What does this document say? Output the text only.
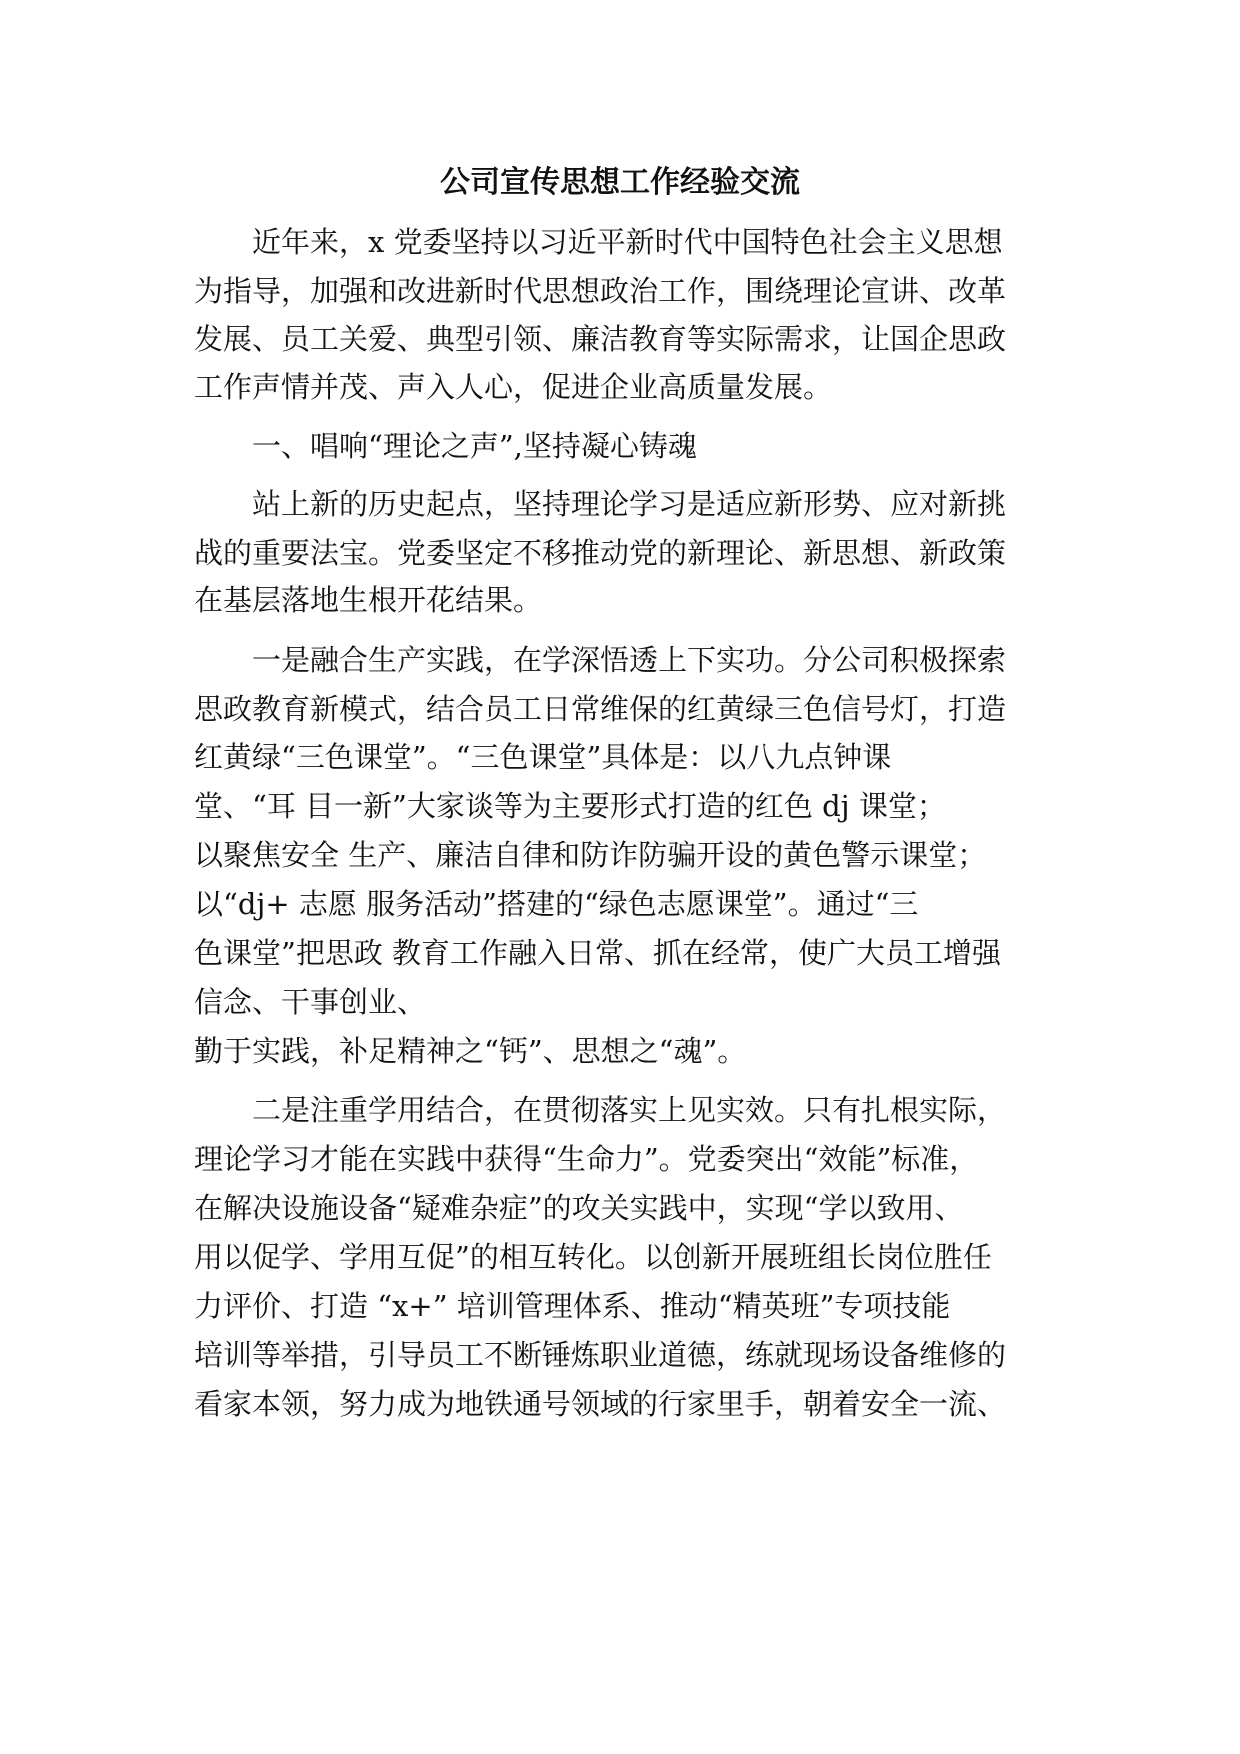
公司宣传思想工作经验交流
近年来，x 党委坚持以习近平新时代中国特色社会主义思想
为指导，加强和改进新时代思想政治工作，围绕理论宣讲、改革
发展、员工关爱、典型引领、廉洁教育等实际需求，让国企思政
工作声情并茂、声入人心，促进企业高质量发展。
一、唱响“理论之声”,坚持凝心铸魂
站上新的历史起点，坚持理论学习是适应新形势、应对新挑
战的重要法宝。党委坚定不移推动党的新理论、新思想、新政策
在基层落地生根开花结果。
一是融合生产实践，在学深悟透上下实功。分公司积极探索
思政教育新模式，结合员工日常维保的红黄绿三色信号灯，打造
红黄绿“三色课堂”。“三色课堂”具体是：以八九点钟课
堂、“耳 目一新”大家谈等为主要形式打造的红色 dj 课堂；
以聚焦安全 生产、廉洁自律和防诈防骗开设的黄色警示课堂；
以“dj+ 志愿 服务活动”搭建的“绿色志愿课堂”。通过“三
色课堂”把思政 教育工作融入日常、抓在经常，使广大员工增强
信念、干事创业、
勤于实践，补足精神之“钙”、思想之“魂”。
二是注重学用结合，在贯彻落实上见实效。只有扎根实际，
理论学习才能在实践中获得“生命力”。党委突出“效能”标准，
在解决设施设备“疑难杂症”的攻关实践中，实现“学以致用、
用以促学、学用互促”的相互转化。以创新开展班组长岗位胜任
力评价、打造 “x+” 培训管理体系、推动“精英班”专项技能
培训等举措，引导员工不断锤炼职业道德，练就现场设备维修的
看家本领，努力成为地铁通号领域的行家里手，朝着安全一流、
